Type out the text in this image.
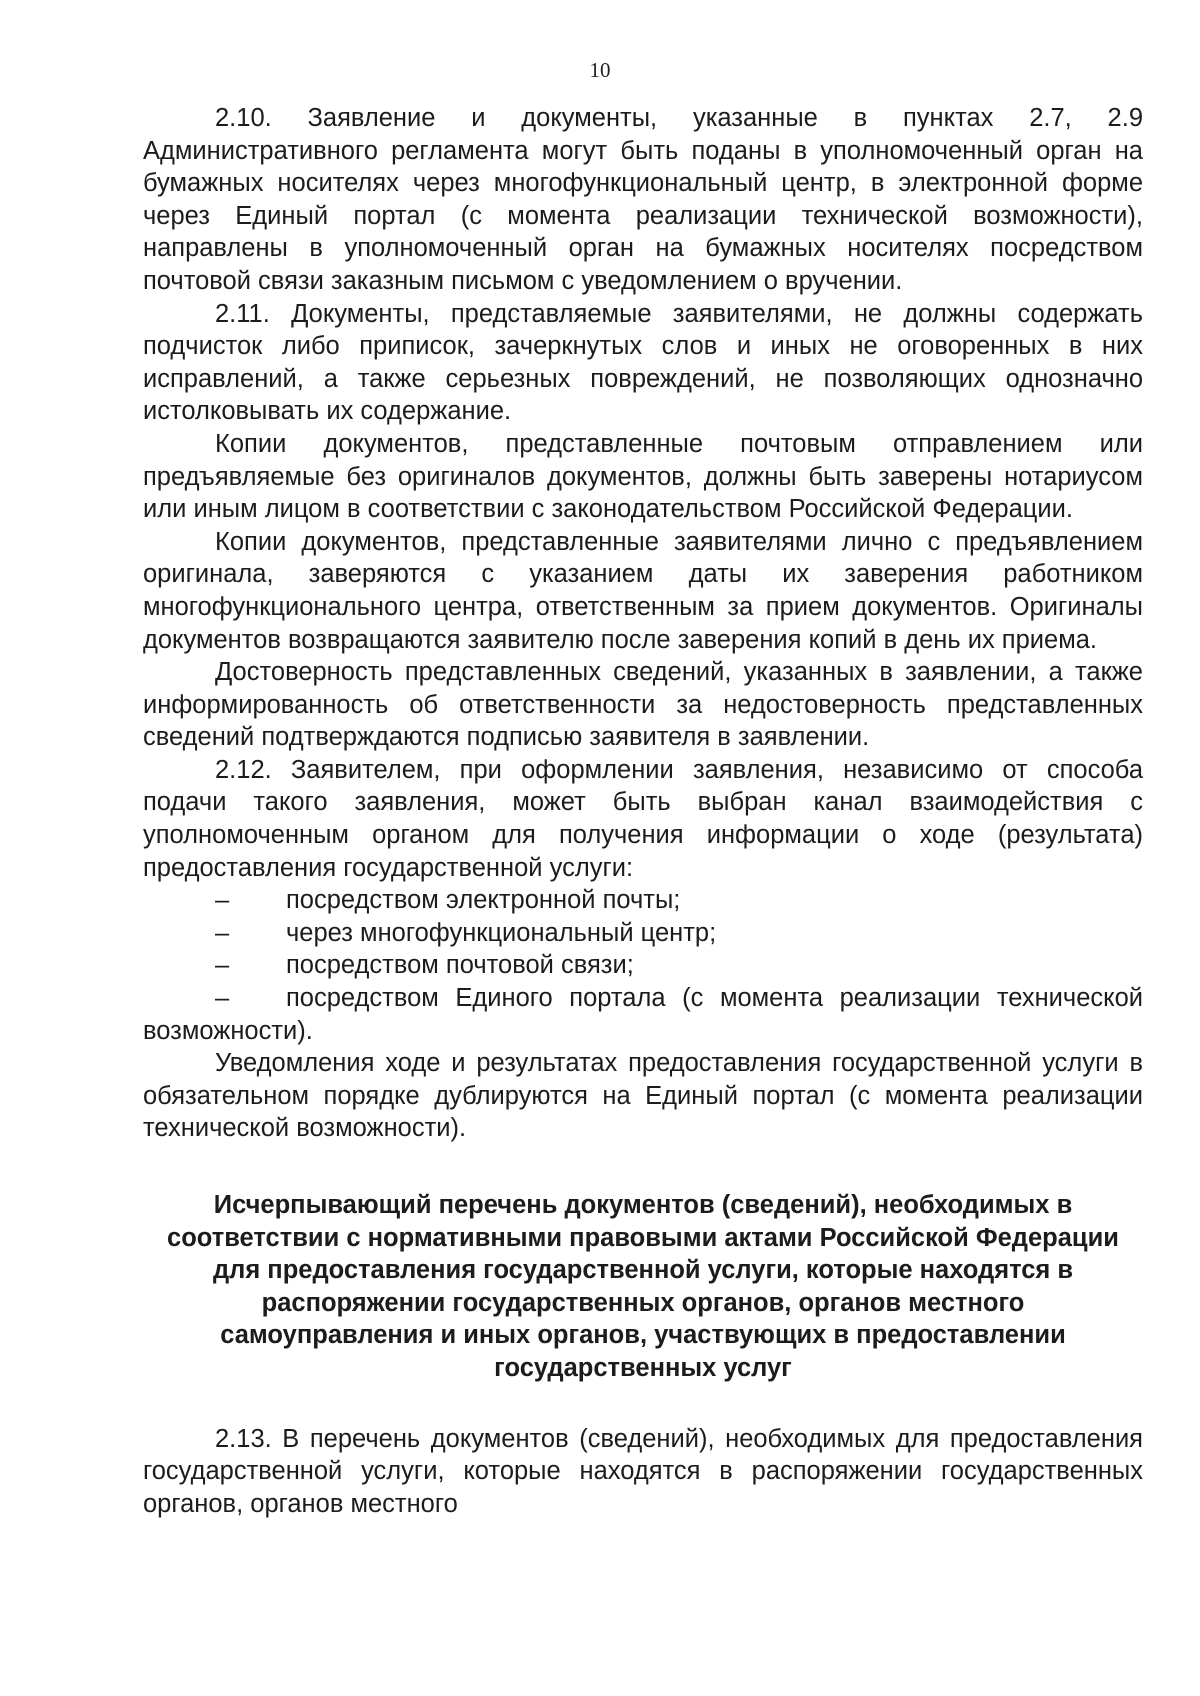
10

2.10. Заявление и документы, указанные в пунктах 2.7, 2.9 Административного регламента могут быть поданы в уполномоченный орган на бумажных носителях через многофункциональный центр, в электронной форме через Единый портал (с момента реализации технической возможности), направлены в уполномоченный орган на бумажных носителях посредством почтовой связи заказным письмом с уведомлением о вручении.

2.11. Документы, представляемые заявителями, не должны содержать подчисток либо приписок, зачеркнутых слов и иных не оговоренных в них исправлений, а также серьезных повреждений, не позволяющих однозначно истолковывать их содержание.

Копии документов, представленные почтовым отправлением или предъявляемые без оригиналов документов, должны быть заверены нотариусом или иным лицом в соответствии с законодательством Российской Федерации.

Копии документов, представленные заявителями лично с предъявлением оригинала, заверяются с указанием даты их заверения работником многофункционального центра, ответственным за прием документов. Оригиналы документов возвращаются заявителю после заверения копий в день их приема.

Достоверность представленных сведений, указанных в заявлении, а также информированность об ответственности за недостоверность представленных сведений подтверждаются подписью заявителя в заявлении.

2.12. Заявителем, при оформлении заявления, независимо от способа подачи такого заявления, может быть выбран канал взаимодействия с уполномоченным органом для получения информации о ходе (результата) предоставления государственной услуги:

– посредством электронной почты;

– через многофункциональный центр;

– посредством почтовой связи;

– посредством Единого портала (с момента реализации технической возможности).

Уведомления ходе и результатах предоставления государственной услуги в обязательном порядке дублируются на Единый портал (с момента реализации технической возможности).

Исчерпывающий перечень документов (сведений), необходимых в соответствии с нормативными правовыми актами Российской Федерации для предоставления государственной услуги, которые находятся в распоряжении государственных органов, органов местного самоуправления и иных органов, участвующих в предоставлении государственных услуг

2.13. В перечень документов (сведений), необходимых для предоставления государственной услуги, которые находятся в распоряжении государственных органов, органов местного
